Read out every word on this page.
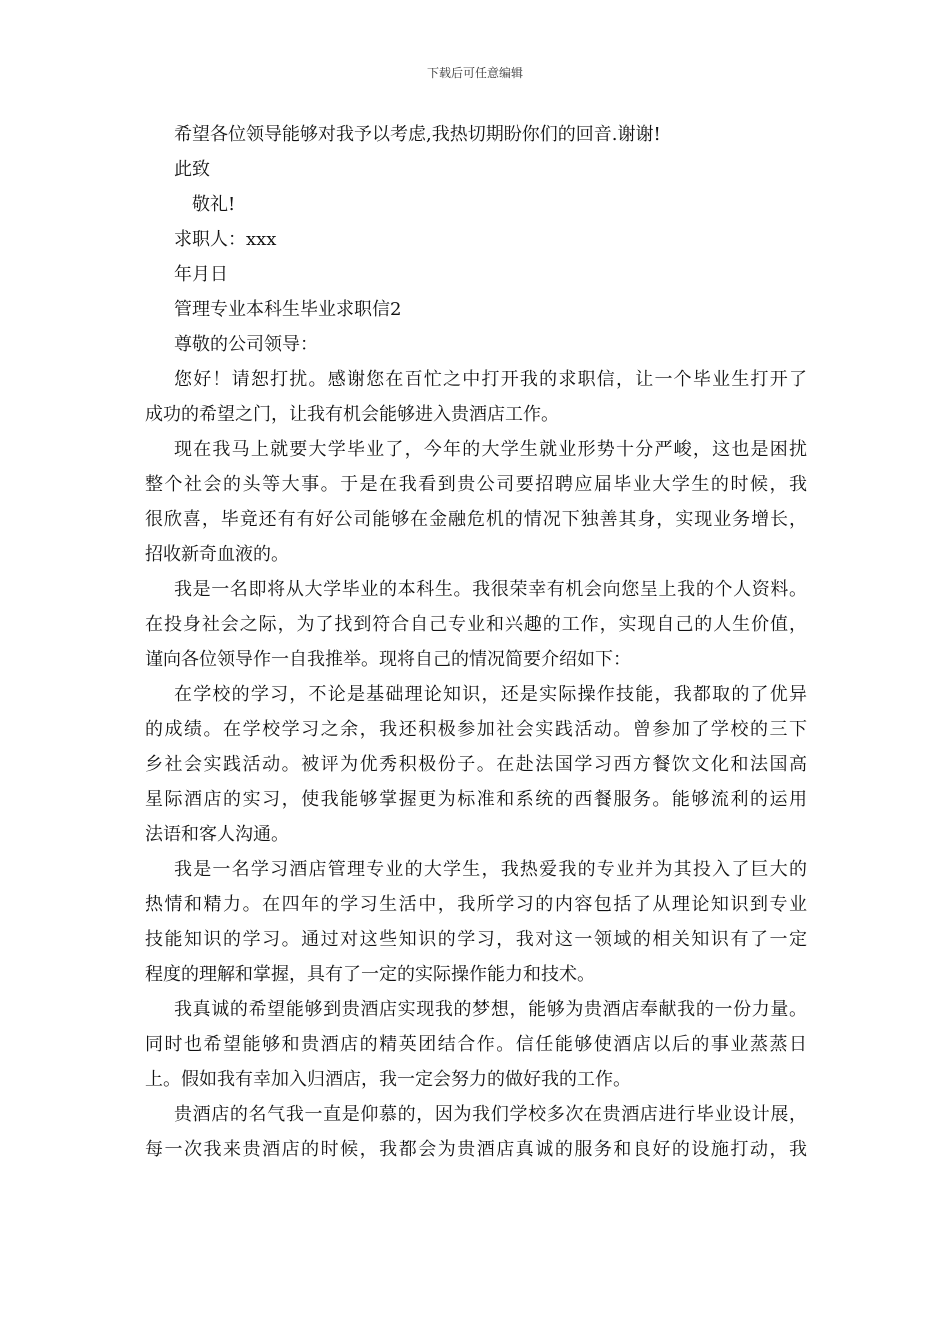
下载后可任意编辑
希望各位领导能够对我予以考虑,我热切期盼你们的回音.谢谢!
此致
敬礼!
求职人：xxx
年月日
管理专业本科生毕业求职信2
尊敬的公司领导：
您好！请恕打扰。感谢您在百忙之中打开我的求职信，让一个毕业生打开了
成功的希望之门，让我有机会能够进入贵酒店工作。
现在我马上就要大学毕业了，今年的大学生就业形势十分严峻，这也是困扰
整个社会的头等大事。于是在我看到贵公司要招聘应届毕业大学生的时候，我
很欣喜，毕竟还有有好公司能够在金融危机的情况下独善其身，实现业务增长，
招收新奇血液的。
我是一名即将从大学毕业的本科生。我很荣幸有机会向您呈上我的个人资料。
在投身社会之际，为了找到符合自己专业和兴趣的工作，实现自己的人生价值，
谨向各位领导作一自我推举。现将自己的情况简要介绍如下：
在学校的学习，不论是基础理论知识，还是实际操作技能，我都取的了优异
的成绩。在学校学习之余，我还积极参加社会实践活动。曾参加了学校的三下
乡社会实践活动。被评为优秀积极份子。在赴法国学习西方餐饮文化和法国高
星际酒店的实习，使我能够掌握更为标准和系统的西餐服务。能够流利的运用
法语和客人沟通。
我是一名学习酒店管理专业的大学生，我热爱我的专业并为其投入了巨大的
热情和精力。在四年的学习生活中，我所学习的内容包括了从理论知识到专业
技能知识的学习。通过对这些知识的学习，我对这一领域的相关知识有了一定
程度的理解和掌握，具有了一定的实际操作能力和技术。
我真诚的希望能够到贵酒店实现我的梦想，能够为贵酒店奉献我的一份力量。
同时也希望能够和贵酒店的精英团结合作。信任能够使酒店以后的事业蒸蒸日
上。假如我有幸加入归酒店，我一定会努力的做好我的工作。
贵酒店的名气我一直是仰慕的，因为我们学校多次在贵酒店进行毕业设计展，
每一次我来贵酒店的时候，我都会为贵酒店真诚的服务和良好的设施打动，我
